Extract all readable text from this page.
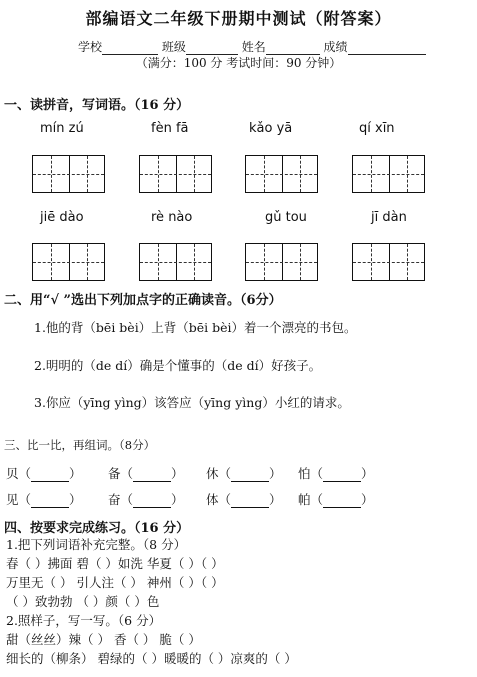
部编语文二年级下册期中测试（附答案）
学校	班级	姓名	成绩
（满分：100 分 考试时间：90 分钟）
一、读拼音，写词语。（16 分）
mín zú	fèn fā	kǎo yā	qí xīn
jiē dào	rè nào	gǔ tou	jī dàn
二、用“√ ”选出下列加点字的正确读音。（6分）
1.他的背（bēi bèi）上背（bēi bèi）着一个漂亮的书包。
2.明明的（de dí）确是个懂事的（de dí）好孩子。
3.你应（yīng yìng）该答应（yīng yìng）小红的请求。
三、比一比，再组词。（8分）
贝（	） 备（	） 休（	） 怕（	）
见（	） 奋（	） 体（	） 帕（	）
四、按要求完成练习。（16 分）
1.把下列词语补充完整。（8 分）
春（ ）拂面 碧（ ）如洗 华夏（ ）（ ）
万里无（ ） 引人注（ ） 神州（ ）（ ）
（ ）致勃勃 （ ）颜（ ）色
2.照样子，写一写。（6 分）
甜（丝丝）辣（ ） 香（ ） 脆（ ）
细长的（柳条） 碧绿的（ ）暖暖的（ ）凉爽的（ ）
